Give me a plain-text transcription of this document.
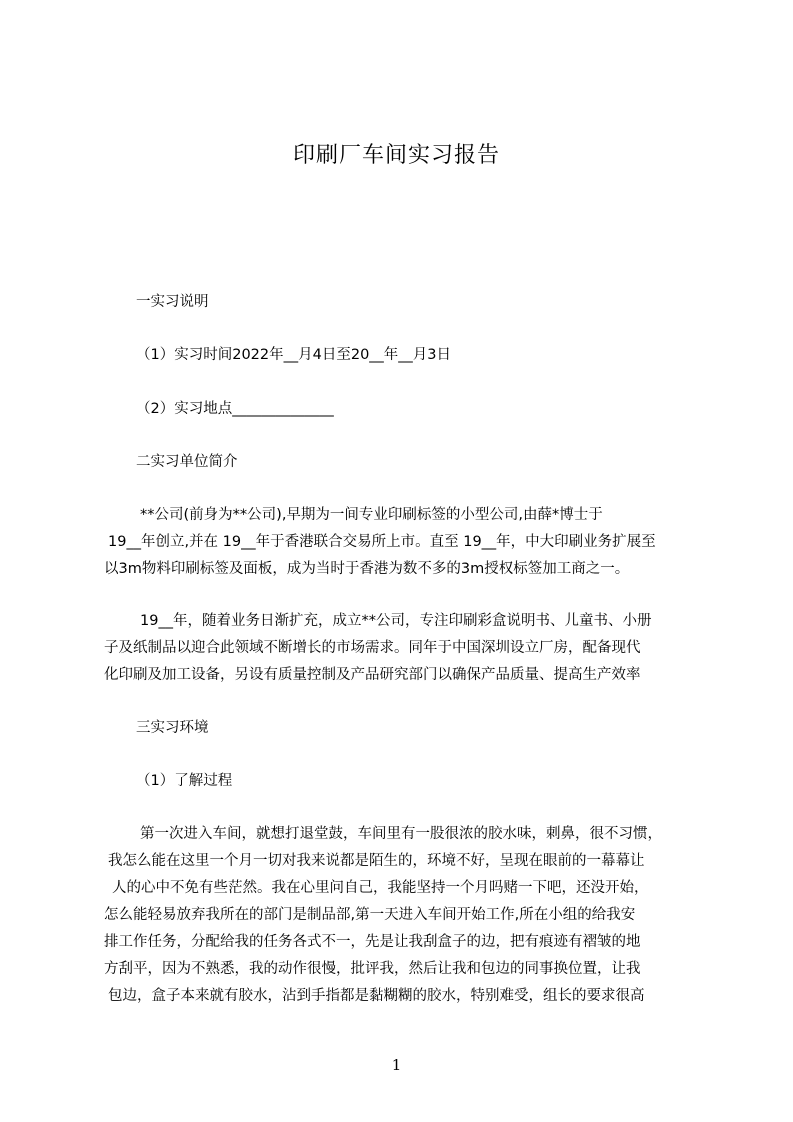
印刷厂车间实习报告
一实习说明
（1）实习时间2022年__月4日至20__年__月3日
（2）实习地点______________
二实习单位简介
**公司(前身为**公司),早期为一间专业印刷标签的小型公司,由薛*博士于
19__年创立,并在 19__年于香港联合交易所上市。直至 19__年，中大印刷业务扩展至
以3m物料印刷标签及面板，成为当时于香港为数不多的3m授权标签加工商之一。
19__年，随着业务日渐扩充，成立**公司，专注印刷彩盒说明书、儿童书、小册
子及纸制品以迎合此领域不断增长的市场需求。同年于中国深圳设立厂房，配备现代
化印刷及加工设备，另设有质量控制及产品研究部门以确保产品质量、提高生产效率
三实习环境
（1）了解过程
第一次进入车间，就想打退堂鼓，车间里有一股很浓的胶水味，刺鼻，很不习惯，
我怎么能在这里一个月一切对我来说都是陌生的，环境不好，呈现在眼前的一幕幕让
人的心中不免有些茫然。我在心里问自己，我能坚持一个月吗赌一下吧，还没开始，
怎么能轻易放弃我所在的部门是制品部,第一天进入车间开始工作,所在小组的给我安
排工作任务，分配给我的任务各式不一，先是让我刮盒子的边，把有痕迹有褶皱的地
方刮平，因为不熟悉，我的动作很慢，批评我，然后让我和包边的同事换位置，让我
包边，盒子本来就有胶水，沾到手指都是黏糊糊的胶水，特别难受，组长的要求很高
1
